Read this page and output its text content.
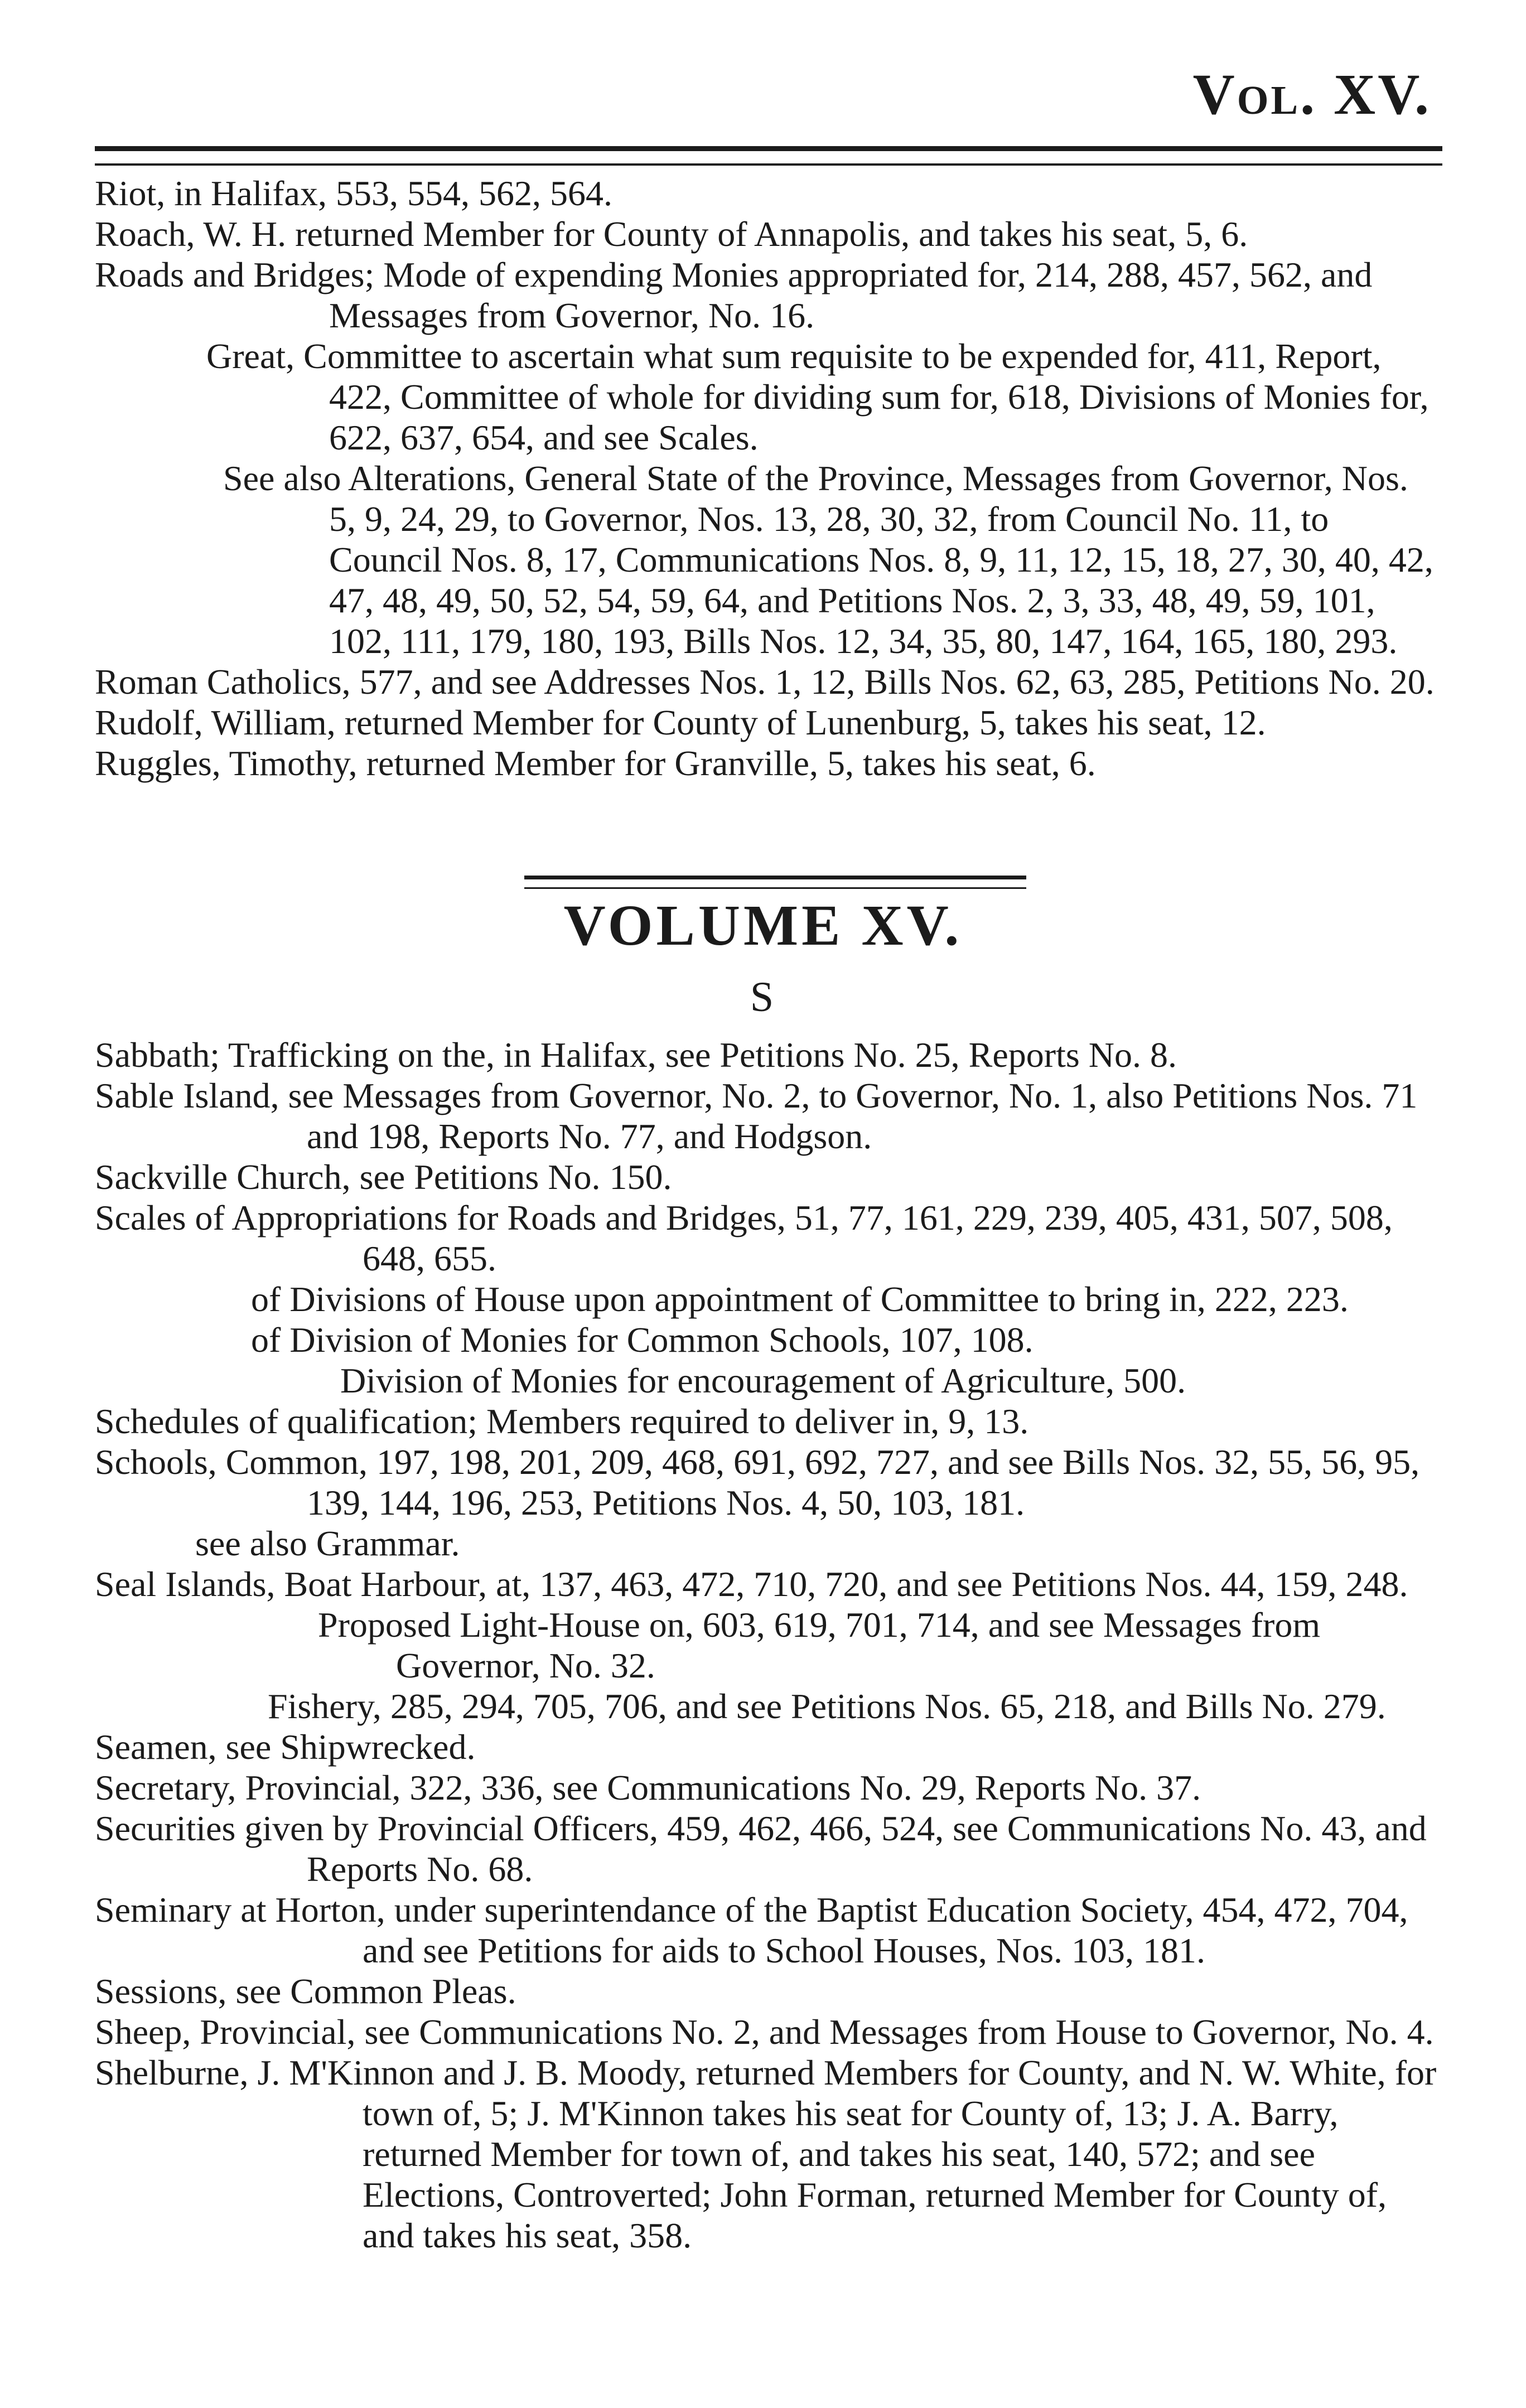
Vol. XV.

Riot, in Halifax, 553, 554, 562, 564.

Roach, W. H. returned Member for County of Annapolis, and takes his seat, 5, 6.

Roads and Bridges; Mode of expending Monies appropriated for, 214, 288, 457, 562, and Messages from Governor, No. 16.

Great, Committee to ascertain what sum requisite to be expended for, 411, Report, 422, Committee of whole for dividing sum for, 618, Divisions of Monies for, 622, 637, 654, and see Scales.

See also Alterations, General State of the Province, Messages from Governor, Nos. 5, 9, 24, 29, to Governor, Nos. 13, 28, 30, 32, from Council No. 11, to Council Nos. 8, 17, Communications Nos. 8, 9, 11, 12, 15, 18, 27, 30, 40, 42, 47, 48, 49, 50, 52, 54, 59, 64, and Petitions Nos. 2, 3, 33, 48, 49, 59, 101, 102, 111, 179, 180, 193, Bills Nos. 12, 34, 35, 80, 147, 164, 165, 180, 293.

Roman Catholics, 577, and see Addresses Nos. 1, 12, Bills Nos. 62, 63, 285, Petitions No. 20.

Rudolf, William, returned Member for County of Lunenburg, 5, takes his seat, 12.

Ruggles, Timothy, returned Member for Granville, 5, takes his seat, 6.

VOLUME XV.
S

Sabbath; Trafficking on the, in Halifax, see Petitions No. 25, Reports No. 8.

Sable Island, see Messages from Governor, No. 2, to Governor, No. 1, also Petitions Nos. 71 and 198, Reports No. 77, and Hodgson.

Sackville Church, see Petitions No. 150.

Scales of Appropriations for Roads and Bridges, 51, 77, 161, 229, 239, 405, 431, 507, 508, 648, 655.

of Divisions of House upon appointment of Committee to bring in, 222, 223.

of Division of Monies for Common Schools, 107, 108.

Division of Monies for encouragement of Agriculture, 500.

Schedules of qualification; Members required to deliver in, 9, 13.

Schools, Common, 197, 198, 201, 209, 468, 691, 692, 727, and see Bills Nos. 32, 55, 56, 95, 139, 144, 196, 253, Petitions Nos. 4, 50, 103, 181.

see also Grammar.

Seal Islands, Boat Harbour, at, 137, 463, 472, 710, 720, and see Petitions Nos. 44, 159, 248.

Proposed Light-House on, 603, 619, 701, 714, and see Messages from Governor, No. 32.

Fishery, 285, 294, 705, 706, and see Petitions Nos. 65, 218, and Bills No. 279.

Seamen, see Shipwrecked.

Secretary, Provincial, 322, 336, see Communications No. 29, Reports No. 37.

Securities given by Provincial Officers, 459, 462, 466, 524, see Communications No. 43, and Reports No. 68.

Seminary at Horton, under superintendance of the Baptist Education Society, 454, 472, 704, and see Petitions for aids to School Houses, Nos. 103, 181.

Sessions, see Common Pleas.

Sheep, Provincial, see Communications No. 2, and Messages from House to Governor, No. 4.

Shelburne, J. M'Kinnon and J. B. Moody, returned Members for County, and N. W. White, for town of, 5; J. M'Kinnon takes his seat for County of, 13; J. A. Barry, returned Member for town of, and takes his seat, 140, 572; and see Elections, Controverted; John Forman, returned Member for County of, and takes his seat, 358.
